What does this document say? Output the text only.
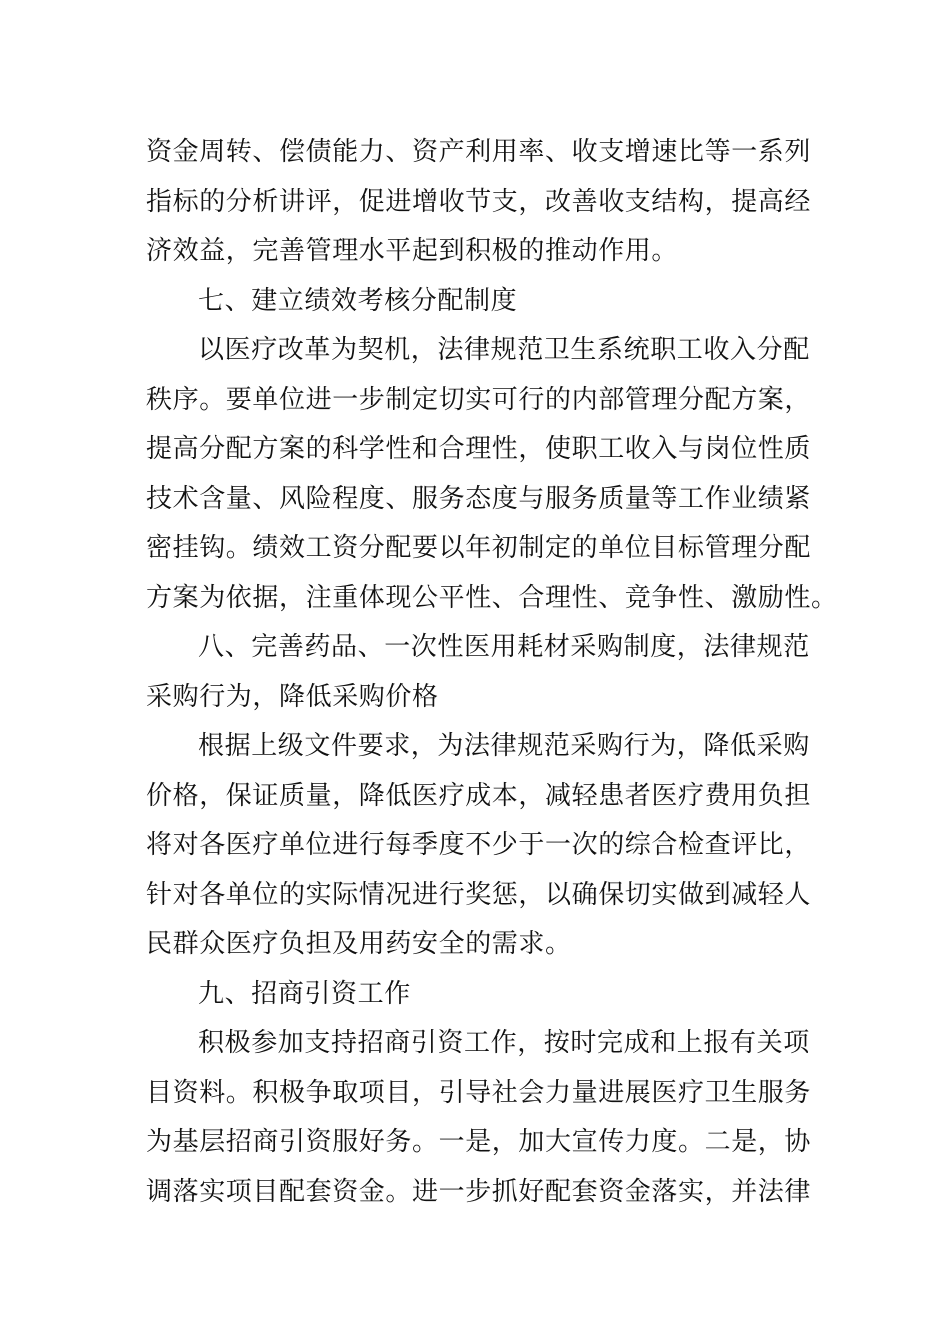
资金周转、偿债能力、资产利用率、收支增速比等一系列
指标的分析讲评，促进增收节支，改善收支结构，提高经
济效益，完善管理水平起到积极的推动作用。
七、建立绩效考核分配制度
以医疗改革为契机，法律规范卫生系统职工收入分配
秩序。要单位进一步制定切实可行的内部管理分配方案，
提高分配方案的科学性和合理性，使职工收入与岗位性质
技术含量、风险程度、服务态度与服务质量等工作业绩紧
密挂钩。绩效工资分配要以年初制定的单位目标管理分配
方案为依据，注重体现公平性、合理性、竞争性、激励性。
八、完善药品、一次性医用耗材采购制度，法律规范
采购行为，降低采购价格
根据上级文件要求，为法律规范采购行为，降低采购
价格，保证质量，降低医疗成本，减轻患者医疗费用负担
将对各医疗单位进行每季度不少于一次的综合检查评比，
针对各单位的实际情况进行奖惩，以确保切实做到减轻人
民群众医疗负担及用药安全的需求。
九、招商引资工作
积极参加支持招商引资工作，按时完成和上报有关项
目资料。积极争取项目，引导社会力量进展医疗卫生服务
为基层招商引资服好务。一是，加大宣传力度。二是，协
调落实项目配套资金。进一步抓好配套资金落实，并法律
